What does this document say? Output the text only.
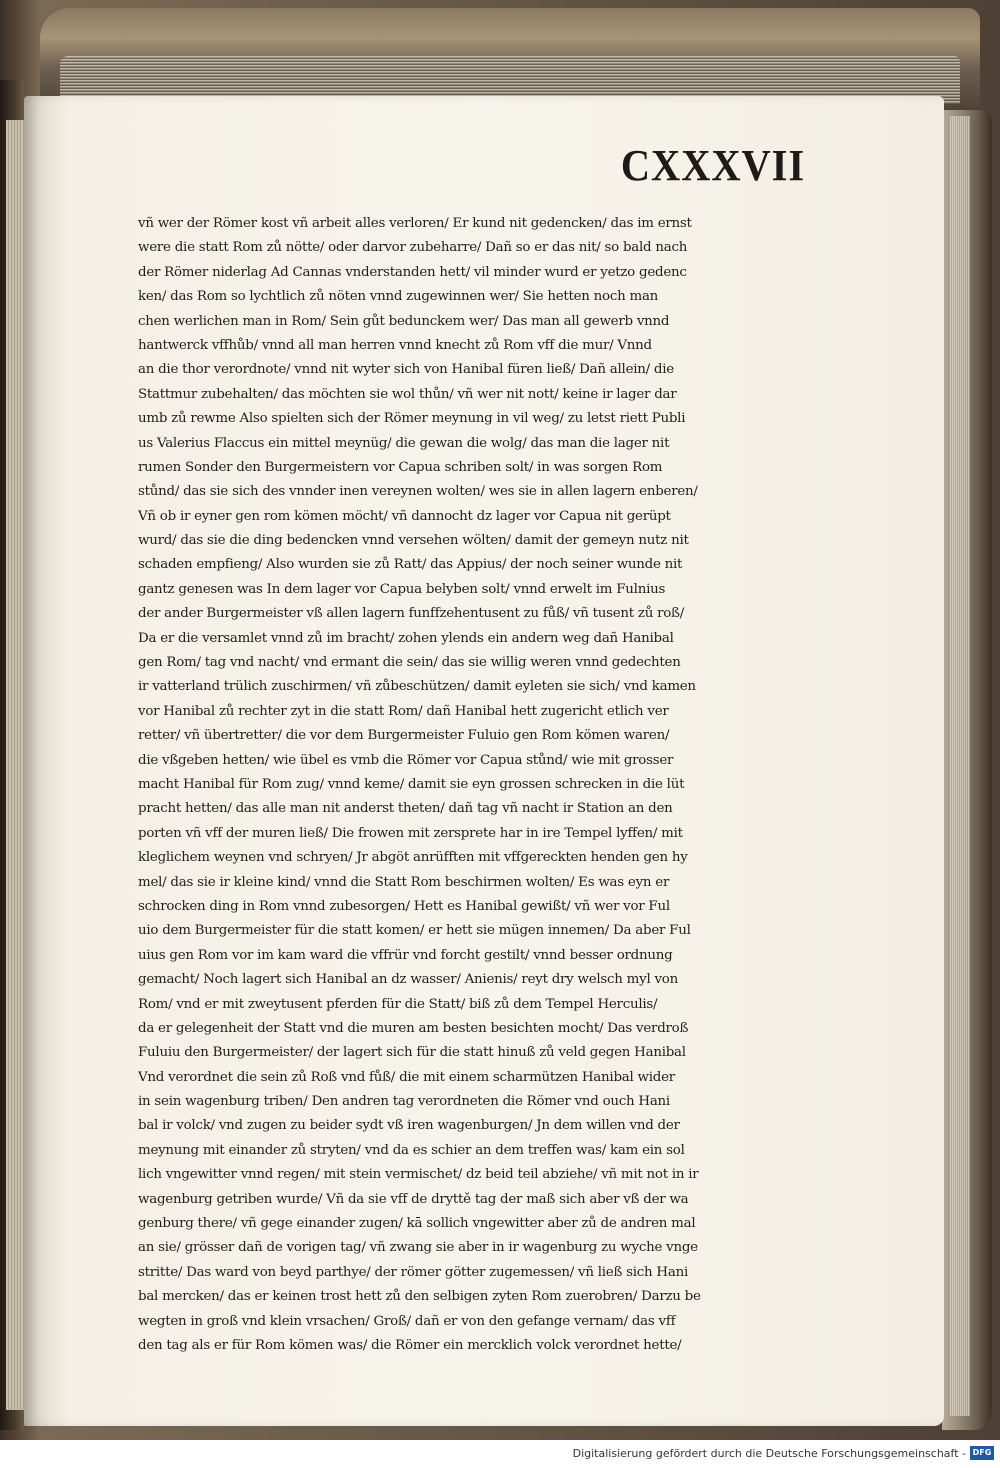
CXXXVII
vñ wer der Römer kost vñ arbeit alles verloren/ Er kund nit gedencken/ das im ernst
were die statt Rom zů nötte/ oder darvor zubeharre/ Dañ so er das nit/ so bald nach
der Römer niderlag Ad Cannas vnderstanden hett/ vil minder wurd er yetzo gedenc
ken/ das Rom so lychtlich zů nöten vnnd zugewinnen wer/ Sie hetten noch man
chen werlichen man in Rom/ Sein gůt bedunckem wer/ Das man all gewerb vnnd
hantwerck vffhůb/ vnnd all man herren vnnd knecht zů Rom vff die mur/ Vnnd
an die thor verordnote/ vnnd nit wyter sich von Hanibal füren ließ/ Dañ allein/ die
Stattmur zubehalten/ das möchten sie wol thůn/ vñ wer nit nott/ keine ir lager dar
umb zů rewme Also spielten sich der Römer meynung in vil weg/ zu letst riett Publi
us Valerius Flaccus ein mittel meynüg/ die gewan die wolg/ das man die lager nit
rumen Sonder den Burgermeistern vor Capua schriben solt/ in was sorgen Rom
stůnd/ das sie sich des vnnder inen vereynen wolten/ wes sie in allen lagern enberen/
Vñ ob ir eyner gen rom kömen möcht/ vñ dannocht dz lager vor Capua nit gerüpt
wurd/ das sie die ding bedencken vnnd versehen wölten/ damit der gemeyn nutz nit
schaden empfieng/ Also wurden sie zů Ratt/ das Appius/ der noch seiner wunde nit
gantz genesen was In dem lager vor Capua belyben solt/ vnnd erwelt im Fulnius
der ander Burgermeister vß allen lagern funffzehentusent zu fůß/ vñ tusent zů roß/
Da er die versamlet vnnd zů im bracht/ zohen ylends ein andern weg dañ Hanibal
gen Rom/ tag vnd nacht/ vnd ermant die sein/ das sie willig weren vnnd gedechten
ir vatterland trülich zuschirmen/ vñ zůbeschützen/ damit eyleten sie sich/ vnd kamen
vor Hanibal zů rechter zyt in die statt Rom/ dañ Hanibal hett zugericht etlich ver
retter/ vñ übertretter/ die vor dem Burgermeister Fuluio gen Rom kömen waren/
die vßgeben hetten/ wie übel es vmb die Römer vor Capua stůnd/ wie mit grosser
macht Hanibal für Rom zug/ vnnd keme/ damit sie eyn grossen schrecken in die lüt
pracht hetten/ das alle man nit anderst theten/ dañ tag vñ nacht ir Station an den
porten vñ vff der muren ließ/ Die frowen mit zersprete har in ire Tempel lyffen/ mit
kleglichem weynen vnd schryen/ Jr abgöt anrüfften mit vffgereckten henden gen hy
mel/ das sie ir kleine kind/ vnnd die Statt Rom beschirmen wolten/ Es was eyn er
schrocken ding in Rom vnnd zubesorgen/ Hett es Hanibal gewißt/ vñ wer vor Ful
uio dem Burgermeister für die statt komen/ er hett sie mügen innemen/ Da aber Ful
uius gen Rom vor im kam ward die vffrür vnd forcht gestilt/ vnnd besser ordnung
gemacht/ Noch lagert sich Hanibal an dz wasser/ Anienis/ reyt dry welsch myl von
Rom/ vnd er mit zweytusent pferden für die Statt/ biß zů dem Tempel Herculis/
da er gelegenheit der Statt vnd die muren am besten besichten mocht/ Das verdroß
Fuluiu den Burgermeister/ der lagert sich für die statt hinuß zů veld gegen Hanibal
Vnd verordnet die sein zů Roß vnd fůß/ die mit einem scharmützen Hanibal wider
in sein wagenburg triben/ Den andren tag verordneten die Römer vnd ouch Hani
bal ir volck/ vnd zugen zu beider sydt vß iren wagenburgen/ Jn dem willen vnd der
meynung mit einander zů stryten/ vnd da es schier an dem treffen was/ kam ein sol
lich vngewitter vnnd regen/ mit stein vermischet/ dz beid teil abziehe/ vñ mit not in ir
wagenburg getriben wurde/ Vñ da sie vff de dryttě tag der maß sich aber vß der wa
genburg there/ vñ gege einander zugen/ kā sollich vngewitter aber zů de andren mal
an sie/ grösser dañ de vorigen tag/ vñ zwang sie aber in ir wagenburg zu wyche vnge
stritte/ Das ward von beyd parthye/ der römer götter zugemessen/ vñ ließ sich Hani
bal mercken/ das er keinen trost hett zů den selbigen zyten Rom zuerobren/ Darzu be
wegten in groß vnd klein vrsachen/ Groß/ dañ er von den gefange vernam/ das vff
den tag als er für Rom kömen was/ die Römer ein mercklich volck verordnet hette/
Digitalisierung gefördert durch die Deutsche Forschungsgemeinschaft - DFG
